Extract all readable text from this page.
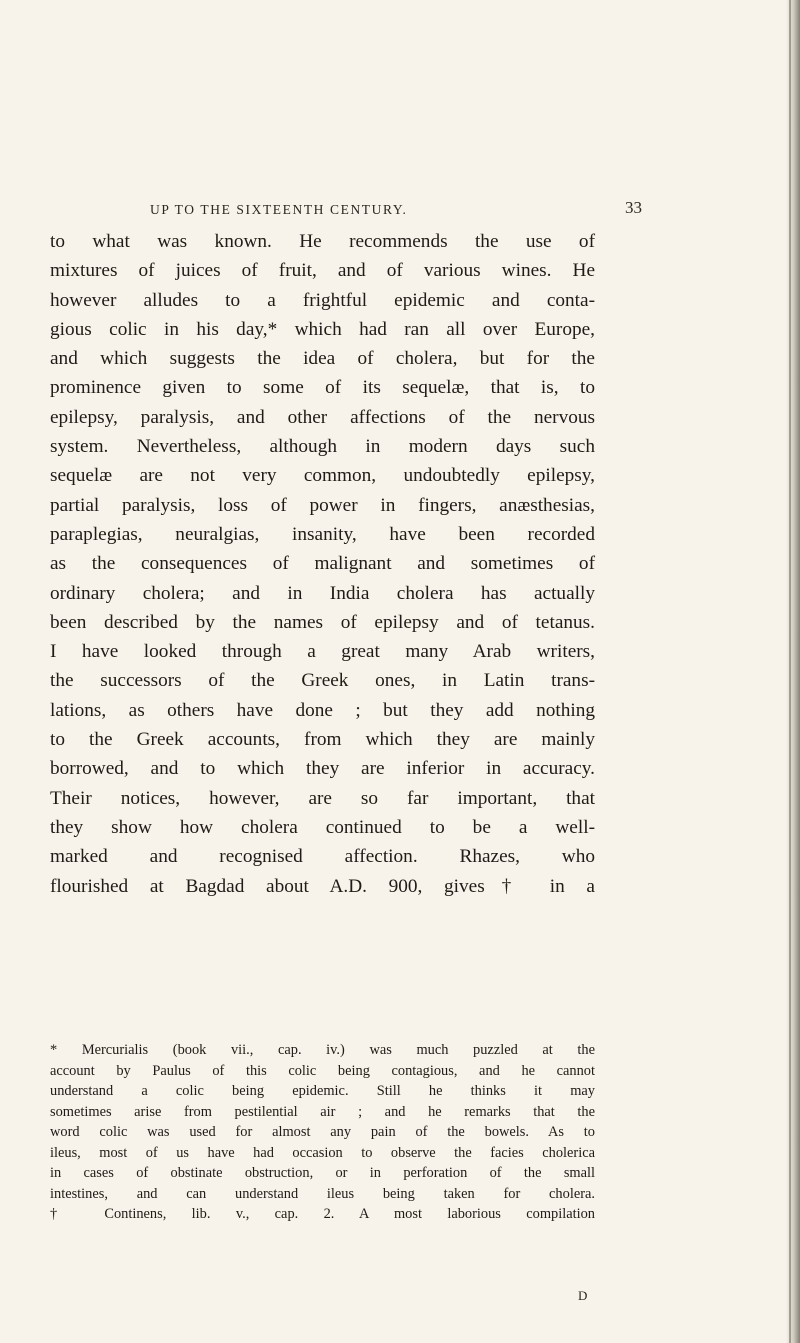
UP TO THE SIXTEENTH CENTURY.	33
to what was known. He recommends the use of
mixtures of juices of fruit, and of various wines. He
however alludes to a frightful epidemic and conta-
gious colic in his day,* which had ran all over Europe,
and which suggests the idea of cholera, but for the
prominence given to some of its sequelæ, that is, to
epilepsy, paralysis, and other affections of the nervous
system. Nevertheless, although in modern days such
sequelæ are not very common, undoubtedly epilepsy,
partial paralysis, loss of power in fingers, anæsthesias,
paraplegias, neuralgias, insanity, have been recorded
as the consequences of malignant and sometimes of
ordinary cholera; and in India cholera has actually
been described by the names of epilepsy and of tetanus.
I have looked through a great many Arab writers,
the successors of the Greek ones, in Latin trans-
lations, as others have done ; but they add nothing
to the Greek accounts, from which they are mainly
borrowed, and to which they are inferior in accuracy.
Their notices, however, are so far important, that
they show how cholera continued to be a well-
marked and recognised affection. Rhazes, who
flourished at Bagdad about A.D. 900, gives† in a
* Mercurialis (book vii., cap. iv.) was much puzzled at the
account by Paulus of this colic being contagious, and he cannot
understand a colic being epidemic. Still he thinks it may
sometimes arise from pestilential air ; and he remarks that the
word colic was used for almost any pain of the bowels. As to
ileus, most of us have had occasion to observe the facies cholerica
in cases of obstinate obstruction, or in perforation of the small
intestines, and can understand ileus being taken for cholera.
† Continens, lib. v., cap. 2. A most laborious compilation
D
